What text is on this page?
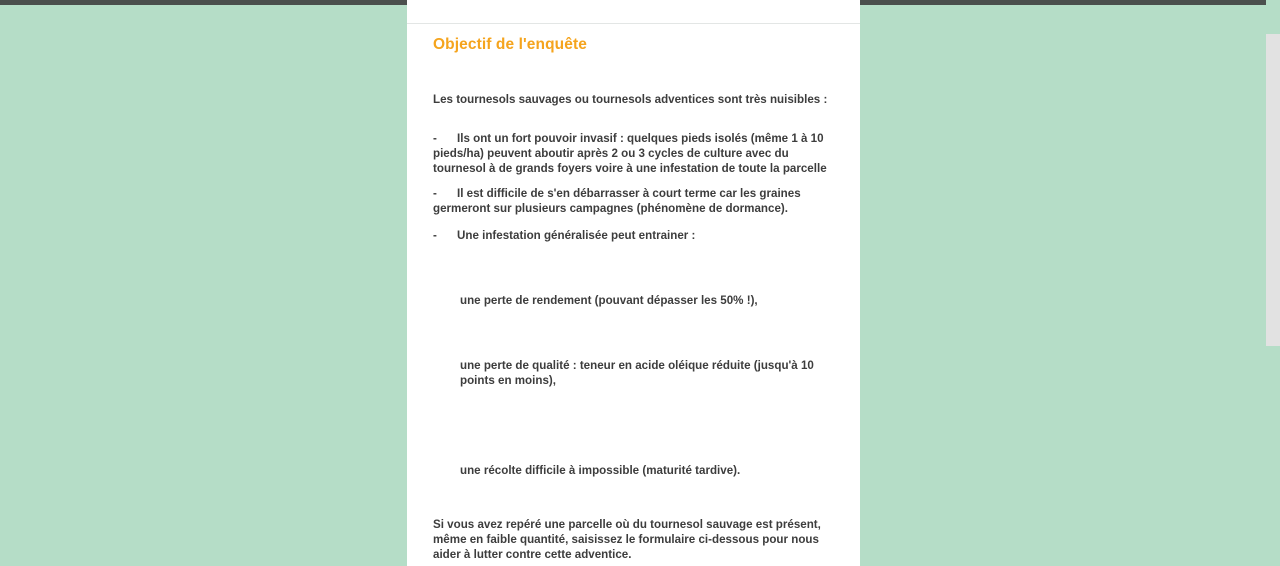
Objectif de l'enquête

Les tournesols sauvages ou tournesols adventices sont très nuisibles :

- Ils ont un fort pouvoir invasif : quelques pieds isolés (même 1 à 10 pieds/ha) peuvent aboutir après 2 ou 3 cycles de culture avec du tournesol à de grands foyers voire à une infestation de toute la parcelle

- Il est difficile de s'en débarrasser à court terme car les graines germeront sur plusieurs campagnes (phénomène de dormance).

- Une infestation généralisée peut entrainer :

une perte de rendement (pouvant dépasser les 50% !),

une perte de qualité : teneur en acide oléique réduite (jusqu'à 10 points en moins),

une récolte difficile à impossible (maturité tardive).

Si vous avez repéré une parcelle où du tournesol sauvage est présent, même en faible quantité, saisissez le formulaire ci-dessous pour nous aider à lutter contre cette adventice.
